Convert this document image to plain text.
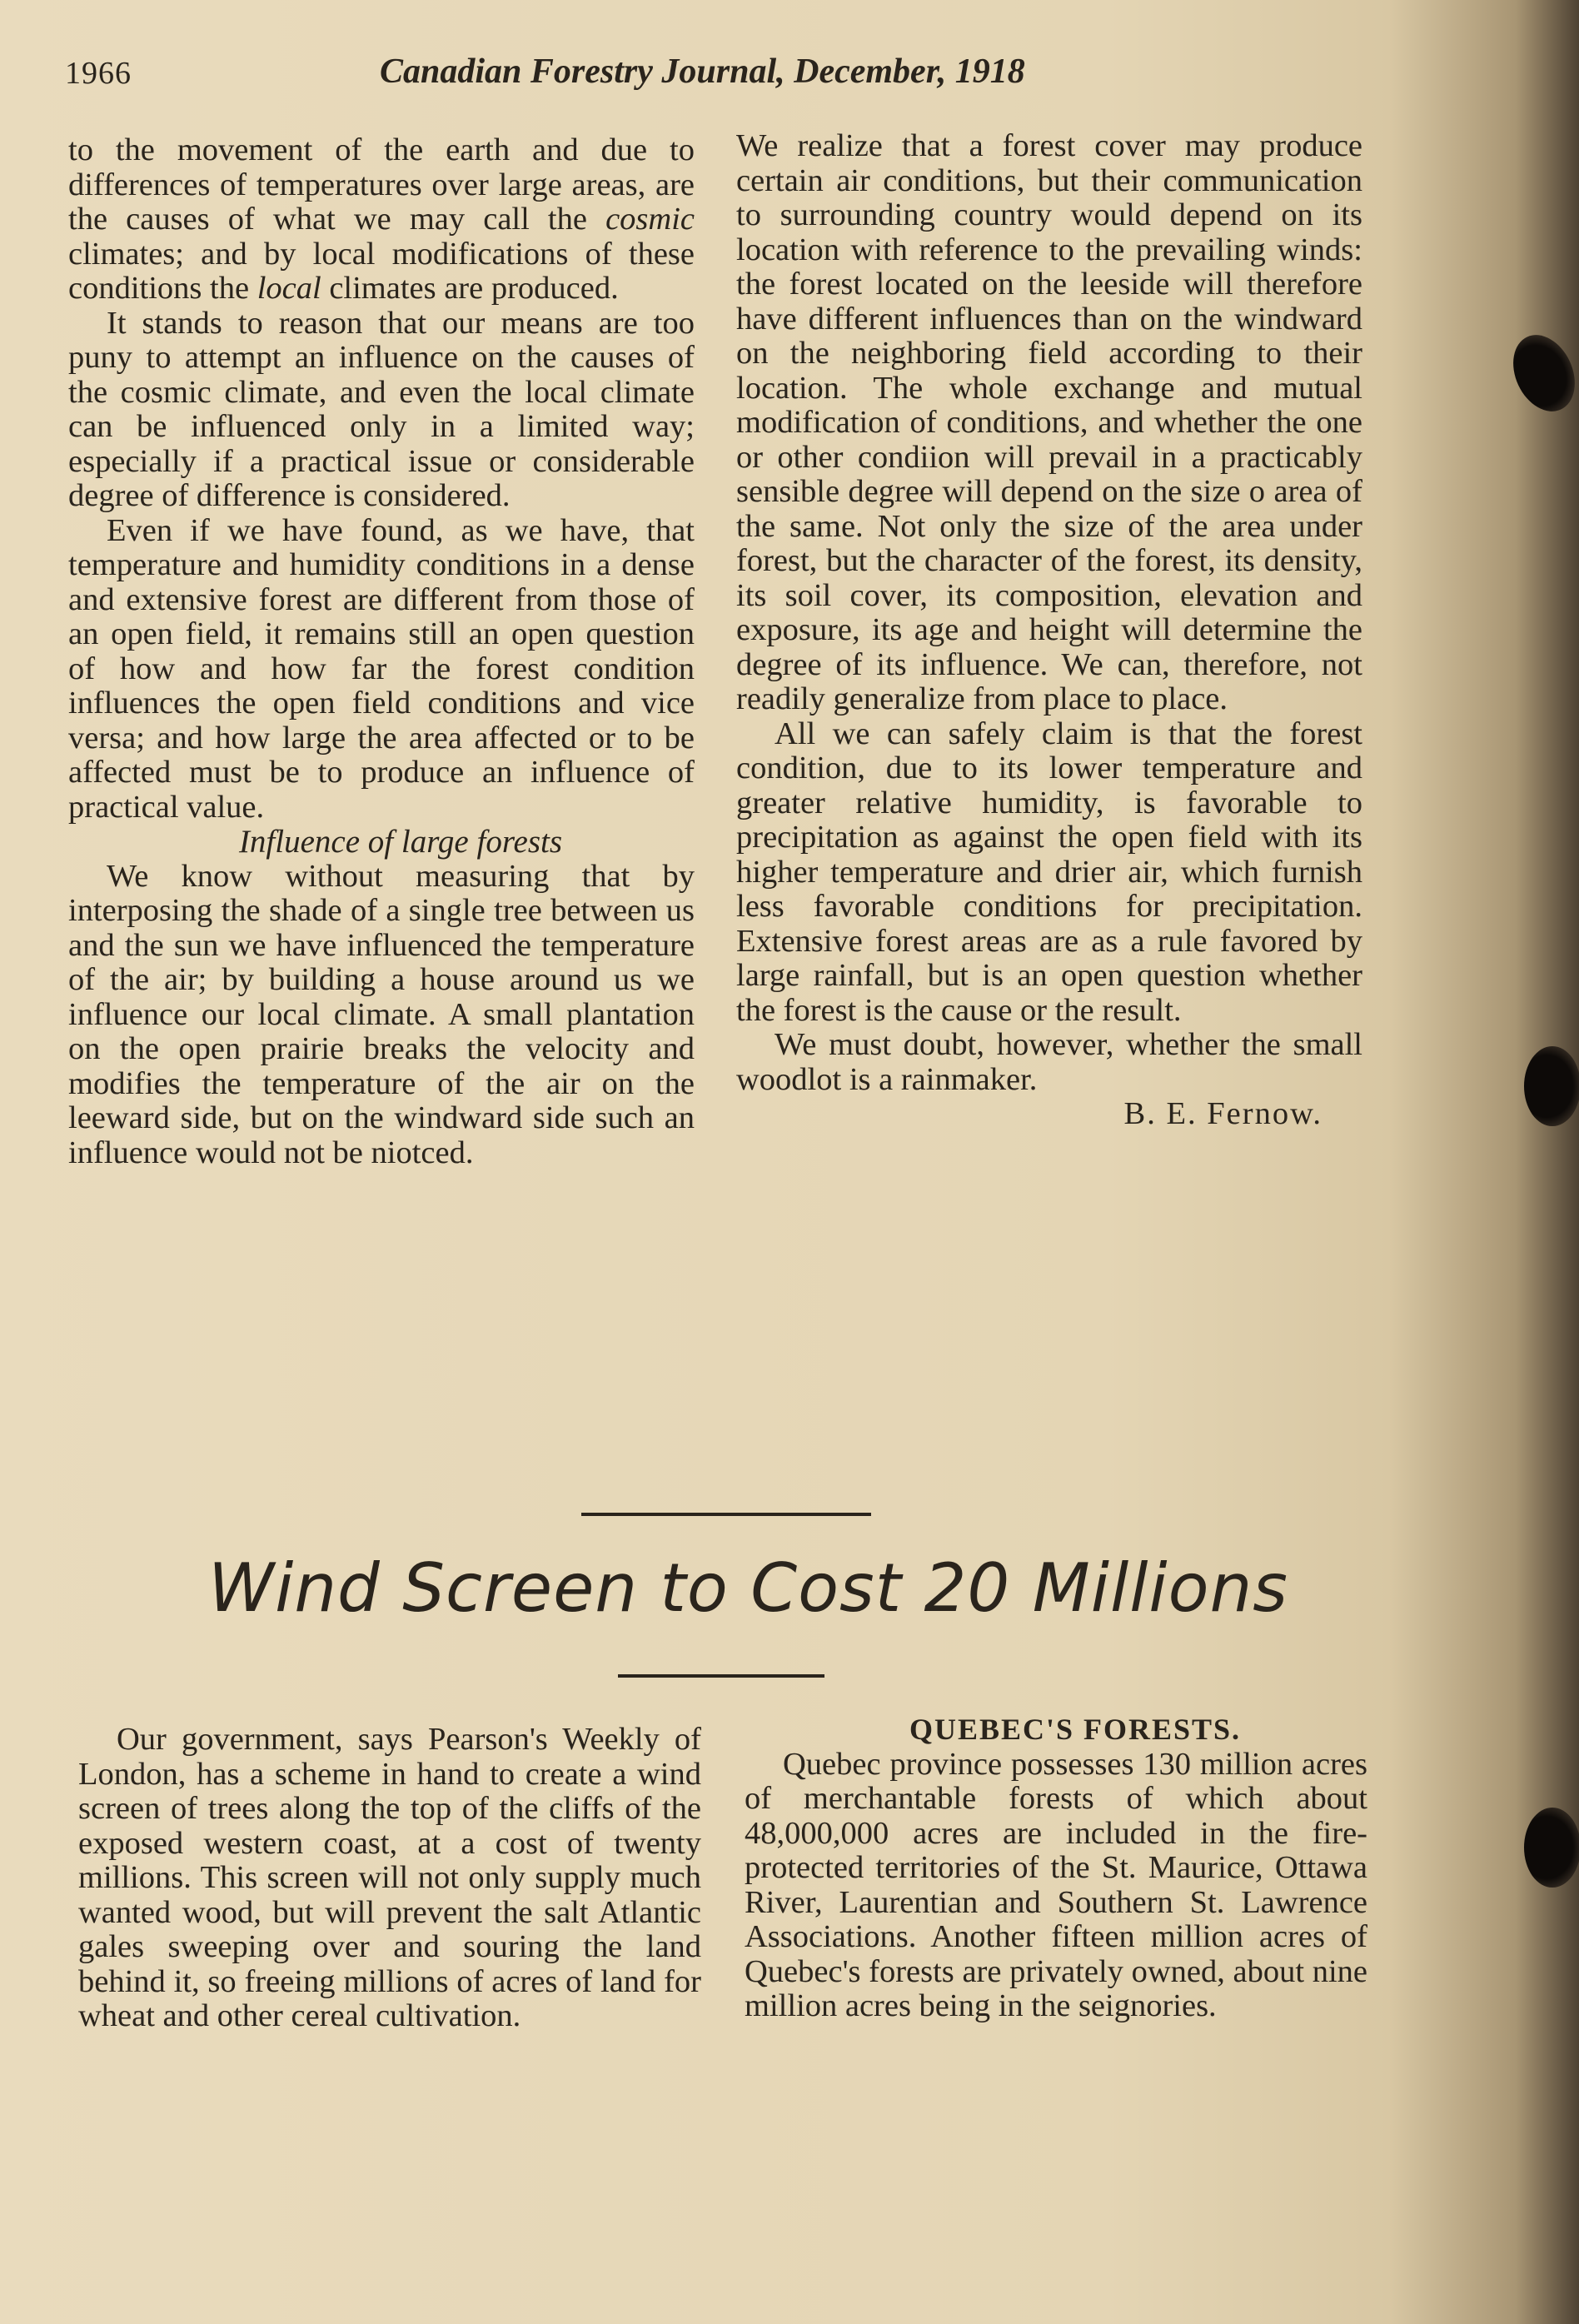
1966	Canadian Forestry Journal, December, 1918

to the movement of the earth and due to differences of temperatures over large areas, are the causes of what we may call the cosmic climates; and by local modifications of these conditions the local climates are produced.

It stands to reason that our means are too puny to attempt an influence on the causes of the cosmic climate, and even the local climate can be influenced only in a limited way; especially if a practical issue or considerable degree of difference is considered.

Even if we have found, as we have, that temperature and humidity conditions in a dense and extensive forest are different from those of an open field, it remains still an open question of how and how far the forest condition influences the open field conditions and vice versa; and how large the area affected or to be affected must be to produce an influence of practical value.

Influence of large forests

We know without measuring that by interposing the shade of a single tree between us and the sun we have influenced the temperature of the air; by building a house around us we influence our local climate. A small plantation on the open prairie breaks the velocity and modifies the temperature of the air on the leeward side, but on the windward side such an influence would not be niotced.

We realize that a forest cover may produce certain air conditions, but their communication to surrounding country would depend on its location with reference to the prevailing winds: the forest located on the leeside will therefore have different influences than on the windward on the neighboring field according to their location. The whole exchange and mutual modification of conditions, and whether the one or other condiion will prevail in a practicably sensible degree will depend on the size o area of the same. Not only the size of the area under forest, but the character of the forest, its density, its soil cover, its composition, elevation and exposure, its age and height will determine the degree of its influence. We can, therefore, not readily generalize from place to place.

All we can safely claim is that the forest condition, due to its lower temperature and greater relative humidity, is favorable to precipitation as against the open field with its higher temperature and drier air, which furnish less favorable conditions for precipitation. Extensive forest areas are as a rule favored by large rainfall, but is an open question whether the forest is the cause or the result.

We must doubt, however, whether the small woodlot is a rainmaker.

B. E. Fernow.

Wind Screen to Cost 20 Millions

Our government, says Pearson's Weekly of London, has a scheme in hand to create a wind screen of trees along the top of the cliffs of the exposed western coast, at a cost of twenty millions. This screen will not only supply much wanted wood, but will prevent the salt Atlantic gales sweeping over and souring the land behind it, so freeing millions of acres of land for wheat and other cereal cultivation.

QUEBEC'S FORESTS.

Quebec province possesses 130 million acres of merchantable forests of which about 48,000,000 acres are included in the fire-protected territories of the St. Maurice, Ottawa River, Laurentian and Southern St. Lawrence Associations. Another fifteen million acres of Quebec's forests are privately owned, about nine million acres being in the seignories.
